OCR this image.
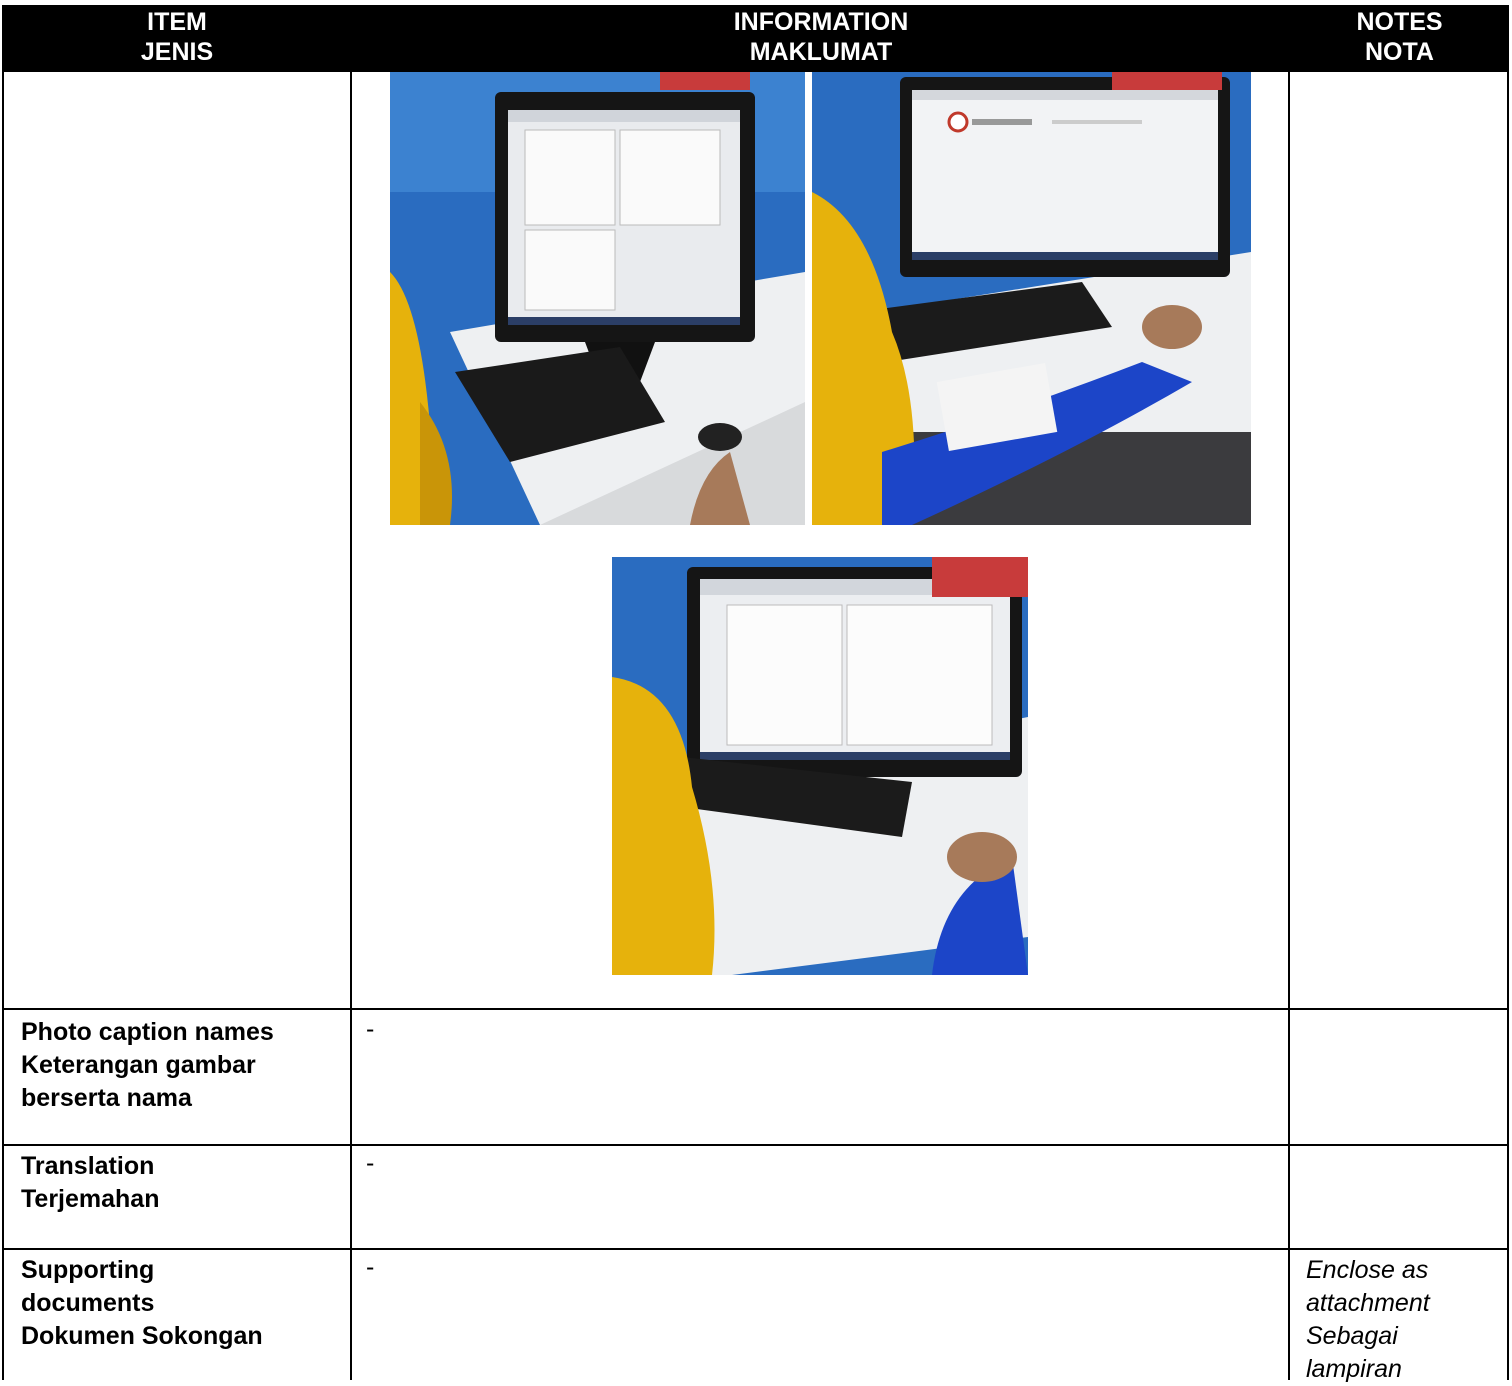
ITEM
JENIS
INFORMATION
MAKLUMAT
NOTES
NOTA
Photo caption names
Keterangan gambar
berserta nama
-
Translation
Terjemahan
-
Supporting
documents
Dokumen Sokongan
-	Enclose as
attachment
Sebagai
lampiran
